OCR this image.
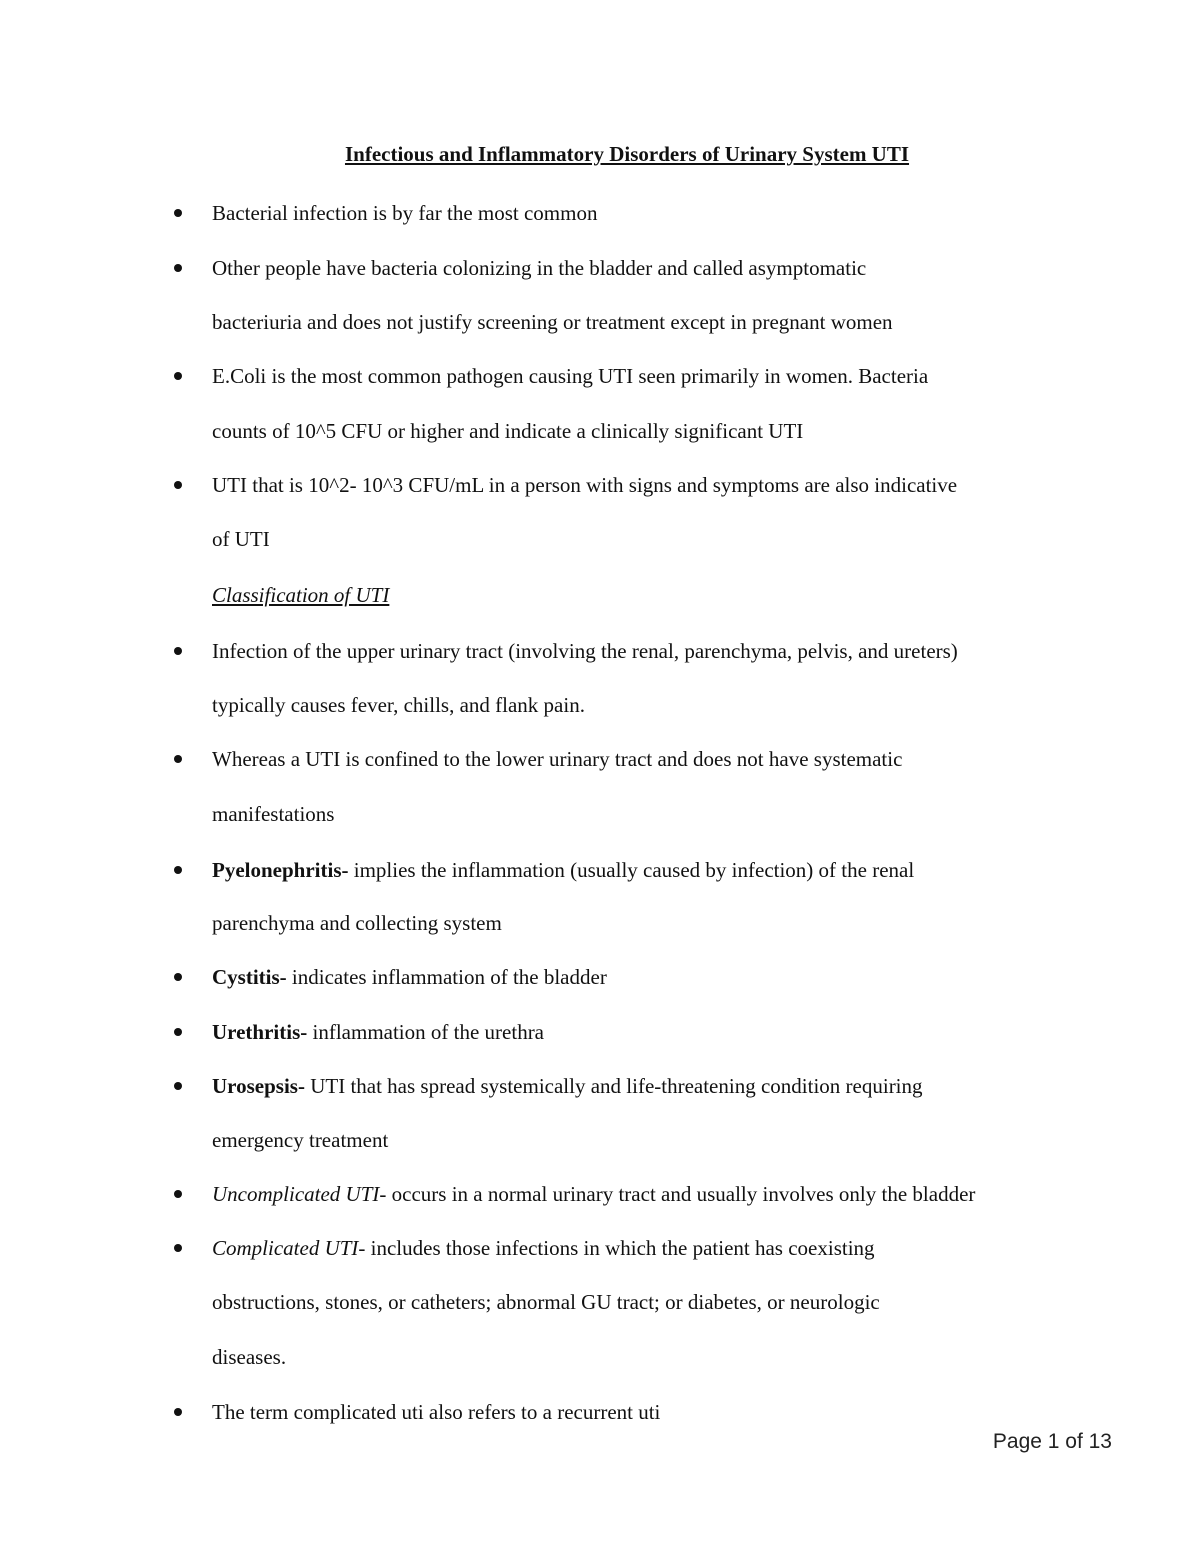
Infectious and Inflammatory Disorders of Urinary System UTI
Bacterial infection is by far the most common
Other people have bacteria colonizing in the bladder and called asymptomatic
bacteriuria and does not justify screening or treatment except in pregnant women
E.Coli is the most common pathogen causing UTI seen primarily in women. Bacteria
counts of 10^5 CFU or higher and indicate a clinically significant UTI
UTI that is 10^2- 10^3 CFU/mL in a person with signs and symptoms are also indicative
of UTI
Classification of UTI
Infection of the upper urinary tract (involving the renal, parenchyma, pelvis, and ureters)
typically causes fever, chills, and flank pain.
Whereas a UTI is confined to the lower urinary tract and does not have systematic
manifestations
Pyelonephritis- implies the inflammation (usually caused by infection) of the renal
parenchyma and collecting system
Cystitis- indicates inflammation of the bladder
Urethritis- inflammation of the urethra
Urosepsis- UTI that has spread systemically and life-threatening condition requiring
emergency treatment
Uncomplicated UTI- occurs in a normal urinary tract and usually involves only the bladder
Complicated UTI- includes those infections in which the patient has coexisting
obstructions, stones, or catheters; abnormal GU tract; or diabetes, or neurologic
diseases.
The term complicated uti also refers to a recurrent uti
Page 1 of 13
